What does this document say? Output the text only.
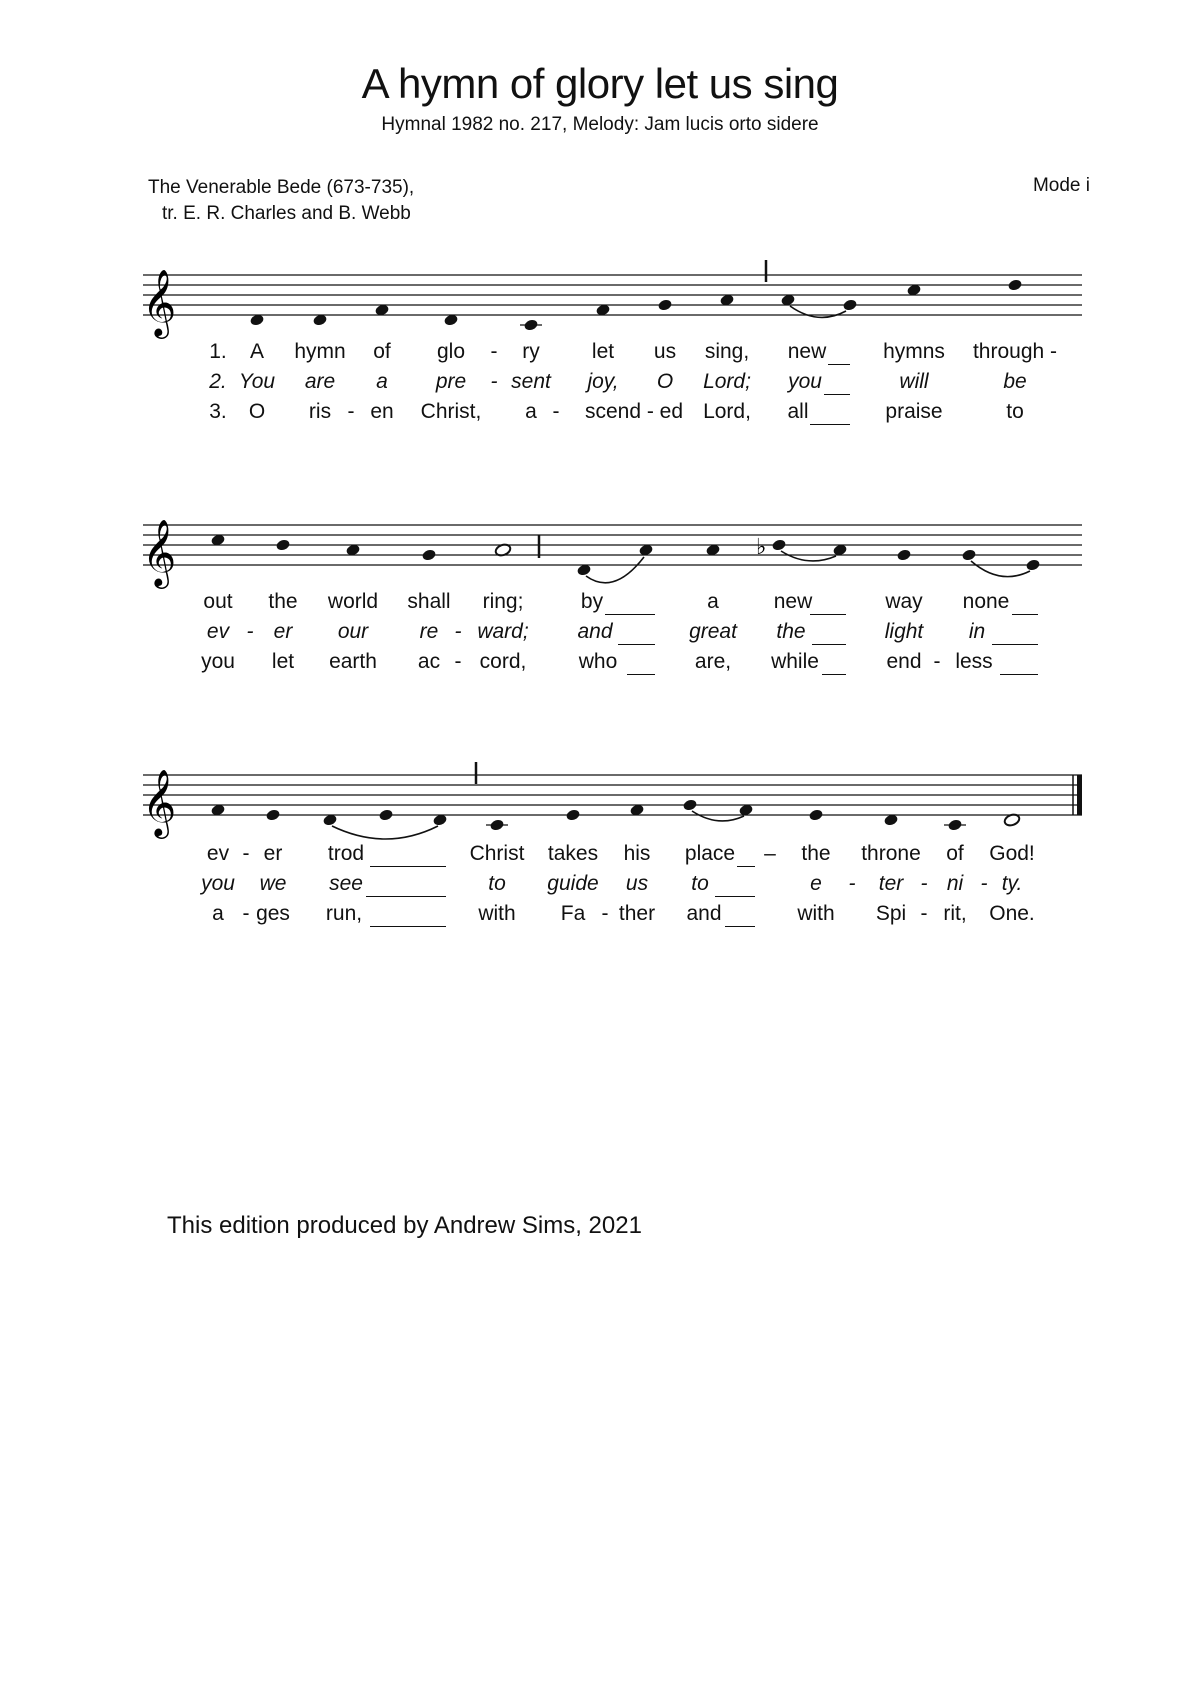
A hymn of glory let us sing
Hymnal 1982 no. 217, Melody: Jam lucis orto sidere
The Venerable Bede (673-735),
tr. E. R. Charles and B. Webb
Mode i
𝄞
1. A hymn of glo - ry let us sing, new	hymns through -
2. You are a pre - sent joy, O Lord; you	will	be
3. O ris - en Christ, a - scend - ed Lord, all	praise	to
𝄞	♭
out the world shall ring;	by	a	new	way none
ev - er our re - ward; and	great the	light in
you let earth ac - cord, who	are, while	end - less
𝄞
ev - er trod	Christ takes his place – the throne of God!
you we see	to guide us to	e - ter - ni - ty.
a - ges run,	with Fa - ther and	with Spi - rit, One.
This edition produced by Andrew Sims, 2021
